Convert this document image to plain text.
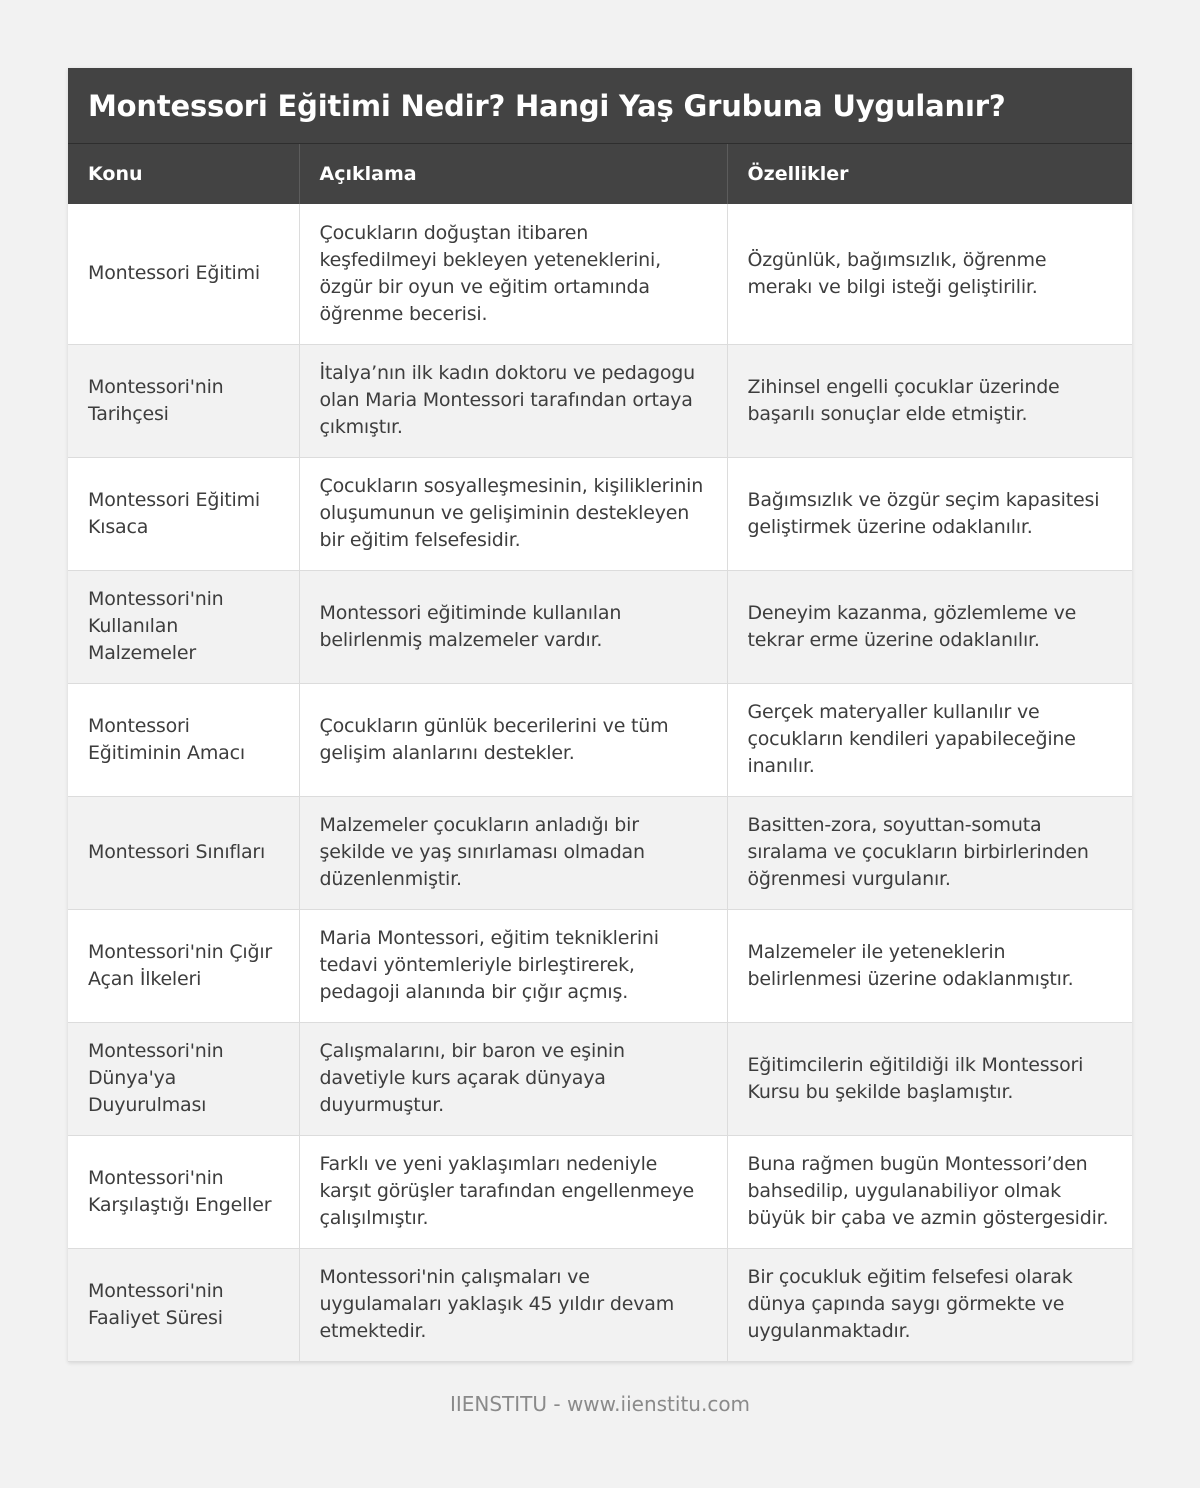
Montessori Eğitimi Nedir? Hangi Yaş Grubuna Uygulanır?
Konu	Açıklama	Özellikler
Montessori Eğitimi	Çocukların doğuştan itibaren keşfedilmeyi bekleyen yeteneklerini, özgür bir oyun ve eğitim ortamında öğrenme becerisi.	Özgünlük, bağımsızlık, öğrenme merakı ve bilgi isteği geliştirilir.
Montessori'nin Tarihçesi	İtalya’nın ilk kadın doktoru ve pedagogu olan Maria Montessori tarafından ortaya çıkmıştır.	Zihinsel engelli çocuklar üzerinde başarılı sonuçlar elde etmiştir.
Montessori Eğitimi Kısaca	Çocukların sosyalleşmesinin, kişiliklerinin oluşumunun ve gelişiminin destekleyen bir eğitim felsefesidir.	Bağımsızlık ve özgür seçim kapasitesi geliştirmek üzerine odaklanılır.
Montessori'nin Kullanılan Malzemeler	Montessori eğitiminde kullanılan belirlenmiş malzemeler vardır.	Deneyim kazanma, gözlemleme ve tekrar erme üzerine odaklanılır.
Montessori Eğitiminin Amacı	Çocukların günlük becerilerini ve tüm gelişim alanlarını destekler.	Gerçek materyaller kullanılır ve çocukların kendileri yapabileceğine inanılır.
Montessori Sınıfları	Malzemeler çocukların anladığı bir şekilde ve yaş sınırlaması olmadan düzenlenmiştir.	Basitten-zora, soyuttan-somuta sıralama ve çocukların birbirlerinden öğrenmesi vurgulanır.
Montessori'nin Çığır Açan İlkeleri	Maria Montessori, eğitim tekniklerini tedavi yöntemleriyle birleştirerek, pedagoji alanında bir çığır açmış.	Malzemeler ile yeteneklerin belirlenmesi üzerine odaklanmıştır.
Montessori'nin Dünya'ya Duyurulması	Çalışmalarını, bir baron ve eşinin davetiyle kurs açarak dünyaya duyurmuştur.	Eğitimcilerin eğitildiği ilk Montessori Kursu bu şekilde başlamıştır.
Montessori'nin Karşılaştığı Engeller	Farklı ve yeni yaklaşımları nedeniyle karşıt görüşler tarafından engellenmeye çalışılmıştır.	Buna rağmen bugün Montessori’den bahsedilip, uygulanabiliyor olmak büyük bir çaba ve azmin göstergesidir.
Montessori'nin Faaliyet Süresi	Montessori'nin çalışmaları ve uygulamaları yaklaşık 45 yıldır devam etmektedir.	Bir çocukluk eğitim felsefesi olarak dünya çapında saygı görmekte ve uygulanmaktadır.
IIENSTITU - www.iienstitu.com
